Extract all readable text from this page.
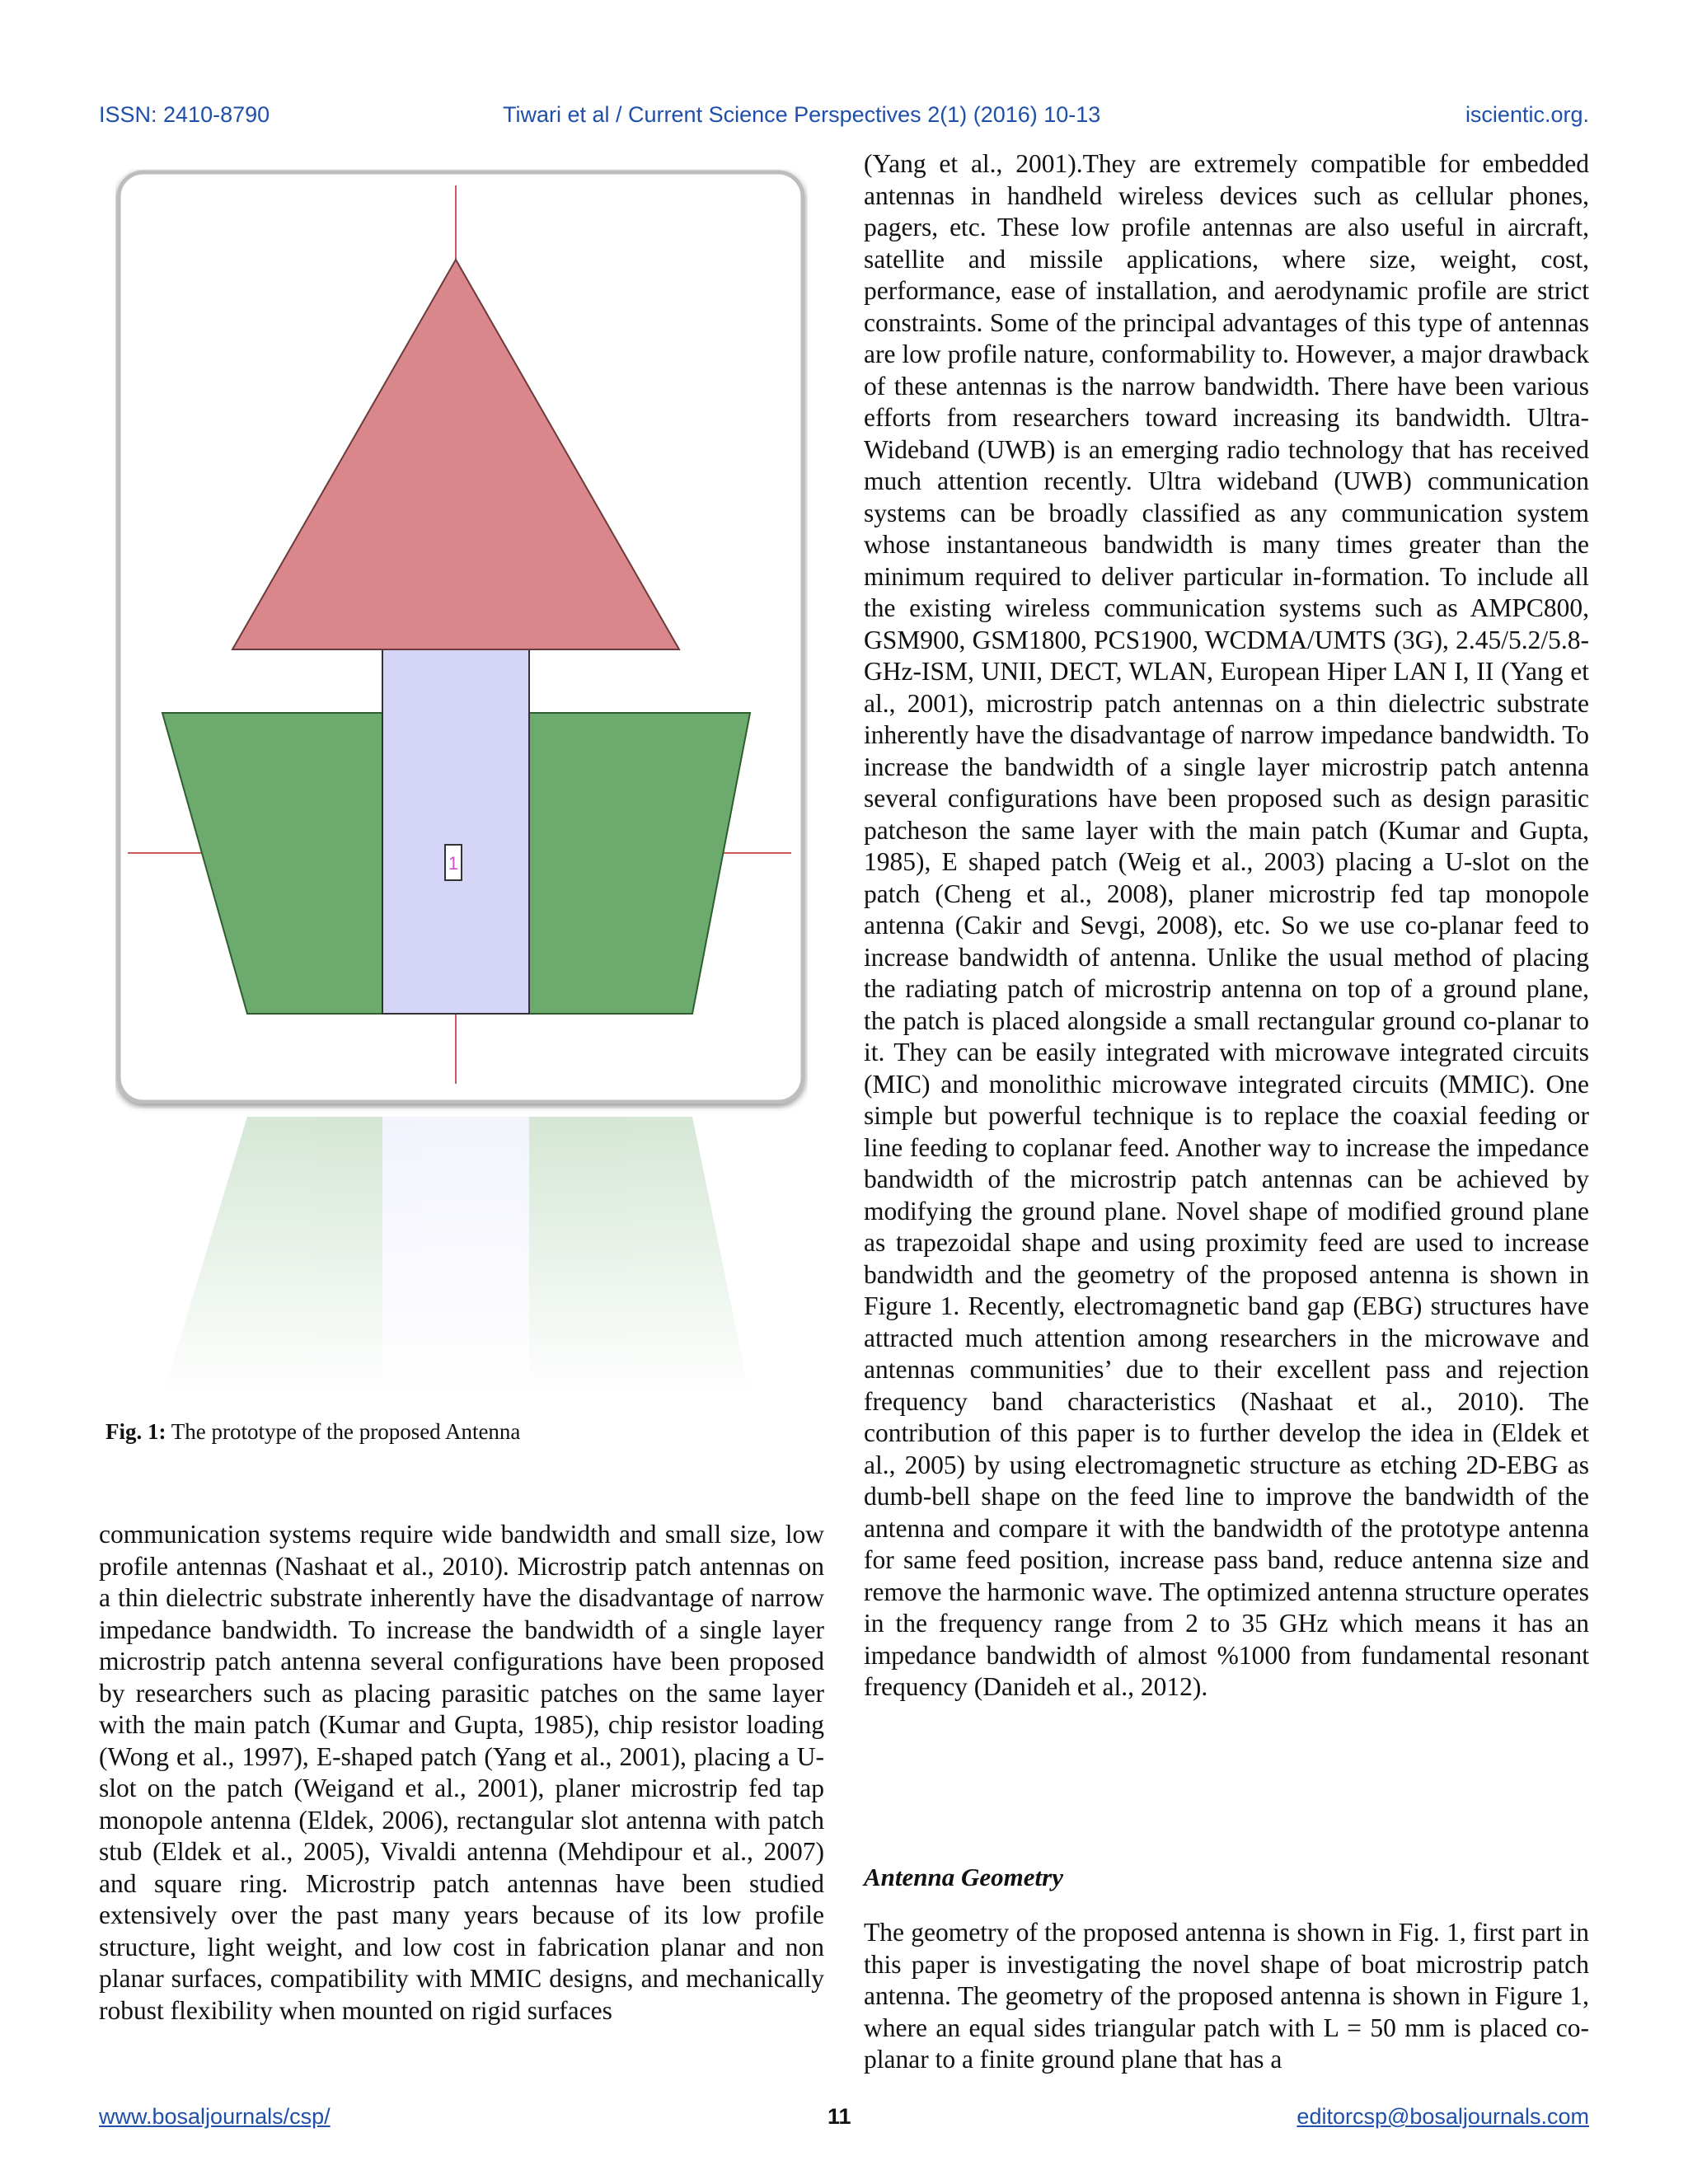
ISSN: 2410-8790	Tiwari et al / Current Science Perspectives 2(1) (2016) 10-13	iscientic.org.
1
Fig. 1: The prototype of the proposed Antenna

communication systems require wide bandwidth and small size, low profile antennas (Nashaat et al., 2010). Microstrip patch antennas on a thin dielectric substrate inherently have the disadvantage of narrow impedance bandwidth. To increase the bandwidth of a single layer microstrip patch antenna several configurations have been proposed by researchers such as placing parasitic patches on the same layer with the main patch (Kumar and Gupta, 1985), chip resistor loading (Wong et al., 1997), E-shaped patch (Yang et al., 2001), placing a U-slot on the patch (Weigand et al., 2001), planer microstrip fed tap monopole antenna (Eldek, 2006), rectangular slot antenna with patch stub (Eldek et al., 2005), Vivaldi antenna (Mehdipour et al., 2007) and square ring. Microstrip patch antennas have been studied extensively over the past many years because of its low profile structure, light weight, and low cost in fabrication planar and non planar surfaces, compatibility with MMIC designs, and mechanically robust flexibility when mounted on rigid surfaces

(Yang et al., 2001).They are extremely compatible for embedded antennas in handheld wireless devices such as cellular phones, pagers, etc. These low profile antennas are also useful in aircraft, satellite and missile applications, where size, weight, cost, performance, ease of installation, and aerodynamic profile are strict constraints. Some of the principal advantages of this type of antennas are low profile nature, conformability to. However, a major drawback of these antennas is the narrow bandwidth. There have been various efforts from researchers toward increasing its bandwidth. Ultra-Wideband (UWB) is an emerging radio technology that has received much attention recently. Ultra wideband (UWB) communication systems can be broadly classified as any communication system whose instantaneous bandwidth is many times greater than the minimum required to deliver particular in-formation. To include all the existing wireless communication systems such as AMPC800, GSM900, GSM1800, PCS1900, WCDMA/UMTS (3G), 2.45/5.2/5.8-GHz-ISM, UNII, DECT, WLAN, European Hiper LAN I, II (Yang et al., 2001), microstrip patch antennas on a thin dielectric substrate inherently have the disadvantage of narrow impedance bandwidth. To increase the bandwidth of a single layer microstrip patch antenna several configurations have been proposed such as design parasitic patcheson the same layer with the main patch (Kumar and Gupta, 1985), E shaped patch (Weig et al., 2003) placing a U-slot on the patch (Cheng et al., 2008), planer microstrip fed tap monopole antenna (Cakir and Sevgi, 2008), etc. So we use co-planar feed to increase bandwidth of antenna. Unlike the usual method of placing the radiating patch of microstrip antenna on top of a ground plane, the patch is placed alongside a small rectangular ground co-planar to it. They can be easily integrated with microwave integrated circuits (MIC) and monolithic microwave integrated circuits (MMIC). One simple but powerful technique is to replace the coaxial feeding or line feeding to coplanar feed. Another way to increase the impedance bandwidth of the microstrip patch antennas can be achieved by modifying the ground plane. Novel shape of modified ground plane as trapezoidal shape and using proximity feed are used to increase bandwidth and the geometry of the proposed antenna is shown in Figure 1. Recently, electromagnetic band gap (EBG) structures have attracted much attention among researchers in the microwave and antennas communities’ due to their excellent pass and rejection frequency band characteristics (Nashaat et al., 2010). The contribution of this paper is to further develop the idea in (Eldek et al., 2005) by using electromagnetic structure as etching 2D-EBG as dumb-bell shape on the feed line to improve the bandwidth of the antenna and compare it with the bandwidth of the prototype antenna for same feed position, increase pass band, reduce antenna size and remove the harmonic wave. The optimized antenna structure operates in the frequency range from 2 to 35 GHz which means it has an impedance bandwidth of almost %1000 from fundamental resonant frequency (Danideh et al., 2012).

Antenna Geometry

The geometry of the proposed antenna is shown in Fig. 1, first part in this paper is investigating the novel shape of boat microstrip patch antenna. The geometry of the proposed antenna is shown in Figure 1, where an equal sides triangular patch with L = 50 mm is placed co-planar to a finite ground plane that has a

www.bosaljournals/csp/	11	editorcsp@bosaljournals.com
